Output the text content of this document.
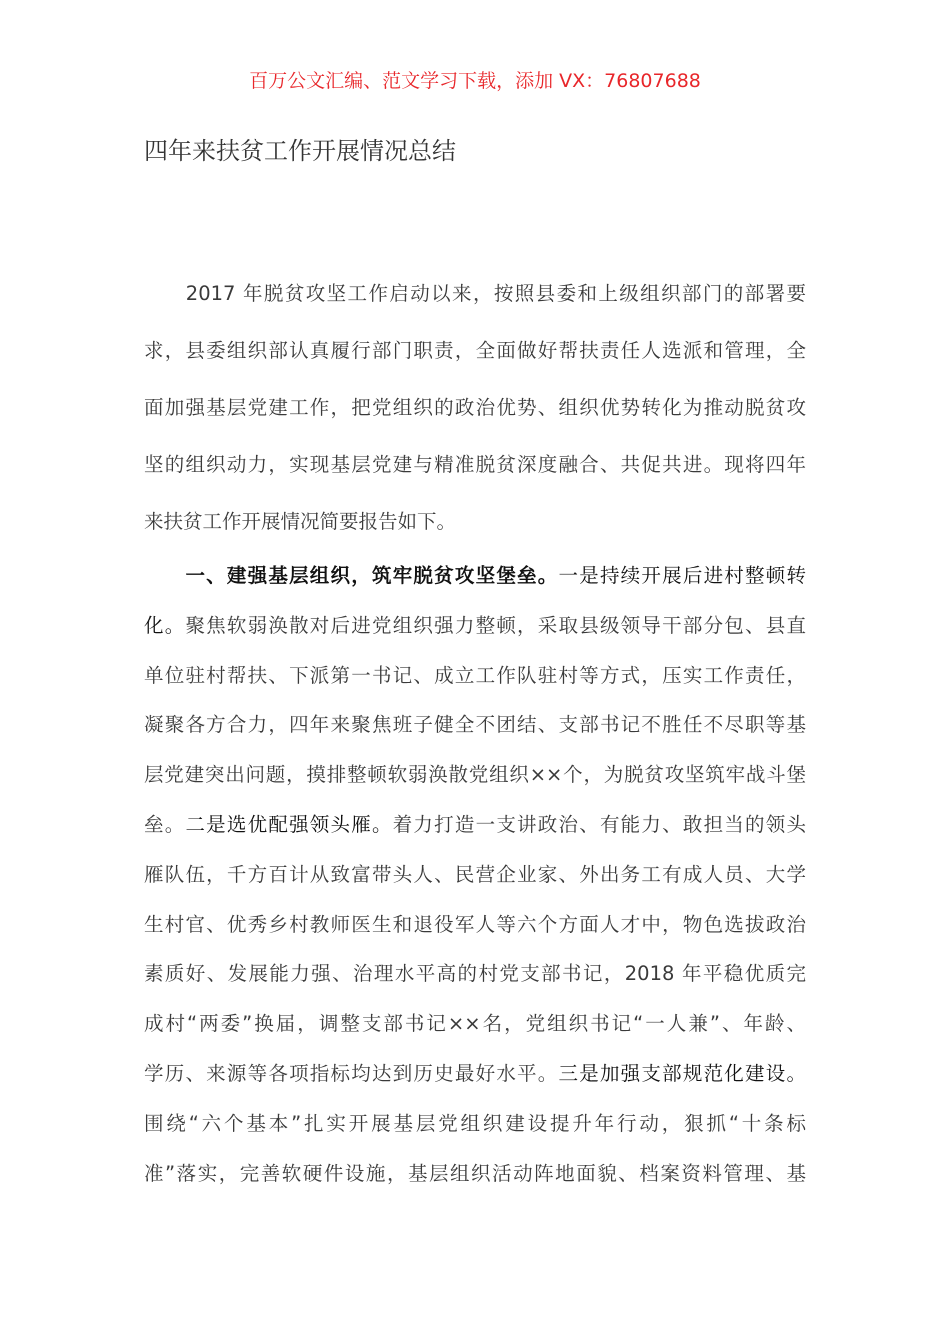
百万公文汇编、范文学习下载，添加 VX：76807688
四年来扶贫工作开展情况总结
　　2017 年脱贫攻坚工作启动以来，按照县委和上级组织部门的部署要
求，县委组织部认真履行部门职责，全面做好帮扶责任人选派和管理，全
面加强基层党建工作，把党组织的政治优势、组织优势转化为推动脱贫攻
坚的组织动力，实现基层党建与精准脱贫深度融合、共促共进。现将四年
来扶贫工作开展情况简要报告如下。
　　一、建强基层组织，筑牢脱贫攻坚堡垒。一是持续开展后进村整顿转
化。聚焦软弱涣散对后进党组织强力整顿，采取县级领导干部分包、县直
单位驻村帮扶、下派第一书记、成立工作队驻村等方式，压实工作责任，
凝聚各方合力，四年来聚焦班子健全不团结、支部书记不胜任不尽职等基
层党建突出问题，摸排整顿软弱涣散党组织××个，为脱贫攻坚筑牢战斗堡
垒。二是选优配强领头雁。着力打造一支讲政治、有能力、敢担当的领头
雁队伍，千方百计从致富带头人、民营企业家、外出务工有成人员、大学
生村官、优秀乡村教师医生和退役军人等六个方面人才中，物色选拔政治
素质好、发展能力强、治理水平高的村党支部书记，2018 年平稳优质完
成村“两委”换届，调整支部书记××名，党组织书记“一人兼”、年龄、
学历、来源等各项指标均达到历史最好水平。三是加强支部规范化建设。
围绕“六个基本”扎实开展基层党组织建设提升年行动，狠抓“十条标
准”落实，完善软硬件设施，基层组织活动阵地面貌、档案资料管理、基
